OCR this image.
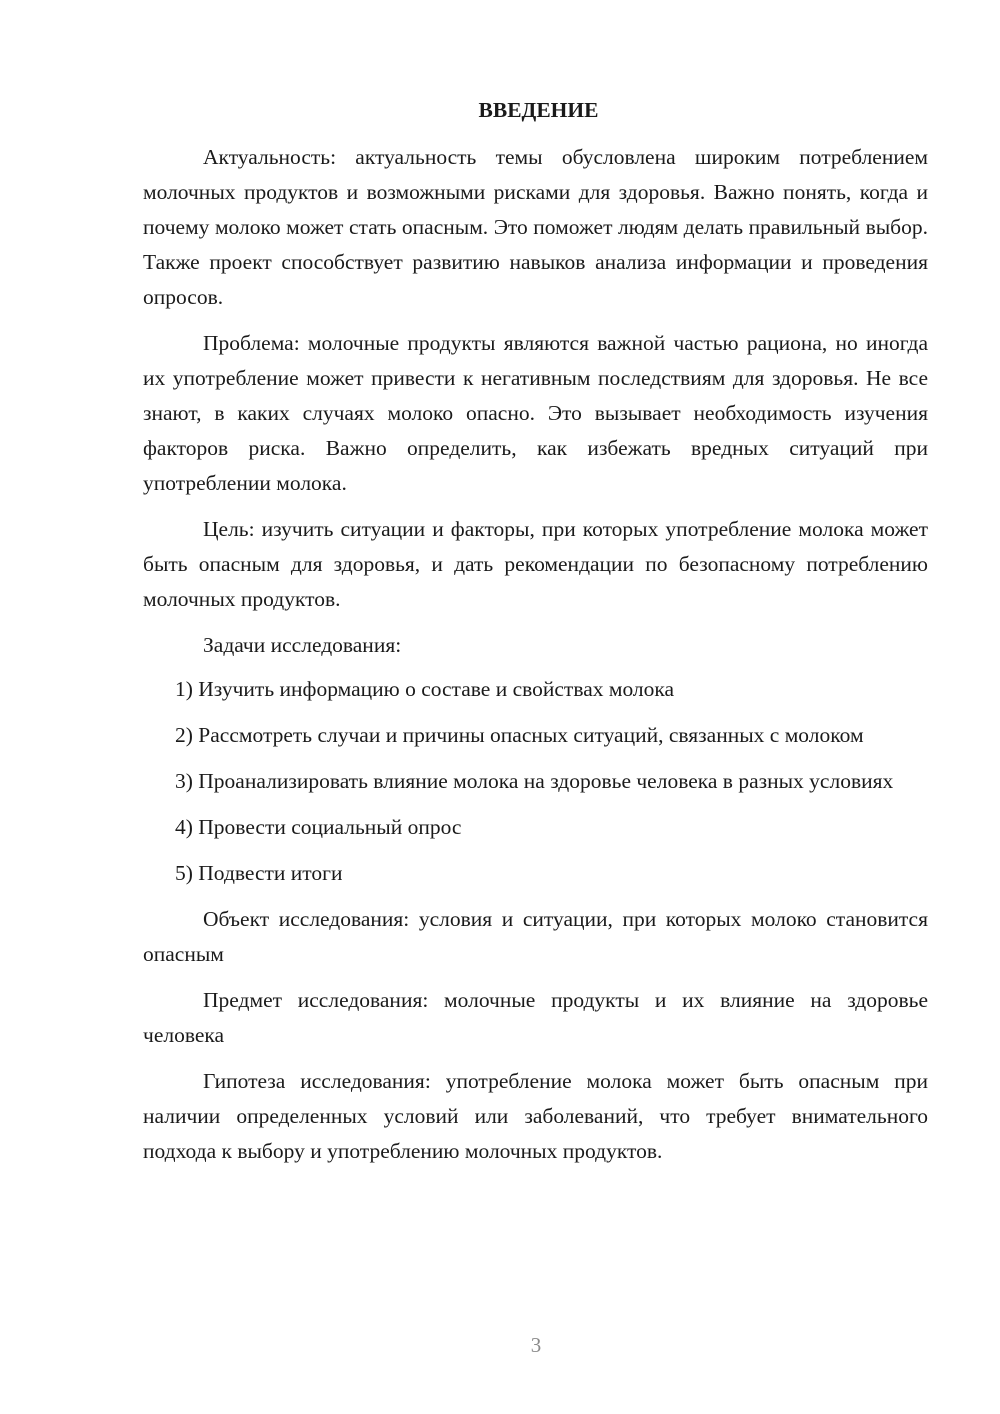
ВВЕДЕНИЕ

Актуальность: актуальность темы обусловлена широким потреблением молочных продуктов и возможными рисками для здоровья. Важно понять, когда и почему молоко может стать опасным. Это поможет людям делать правильный выбор. Также проект способствует развитию навыков анализа информации и проведения опросов.

Проблема: молочные продукты являются важной частью рациона, но иногда их употребление может привести к негативным последствиям для здоровья. Не все знают, в каких случаях молоко опасно. Это вызывает необходимость изучения факторов риска. Важно определить, как избежать вредных ситуаций при употреблении молока.

Цель: изучить ситуации и факторы, при которых употребление молока может быть опасным для здоровья, и дать рекомендации по безопасному потреблению молочных продуктов.

Задачи исследования:

1) Изучить информацию о составе и свойствах молока

2) Рассмотреть случаи и причины опасных ситуаций, связанных с молоком

3) Проанализировать влияние молока на здоровье человека в разных условиях

4) Провести социальный опрос

5) Подвести итоги

Объект исследования: условия и ситуации, при которых молоко становится опасным

Предмет исследования: молочные продукты и их влияние на здоровье человека

Гипотеза исследования: употребление молока может быть опасным при наличии определенных условий или заболеваний, что требует внимательного подхода к выбору и употреблению молочных продуктов.

3
